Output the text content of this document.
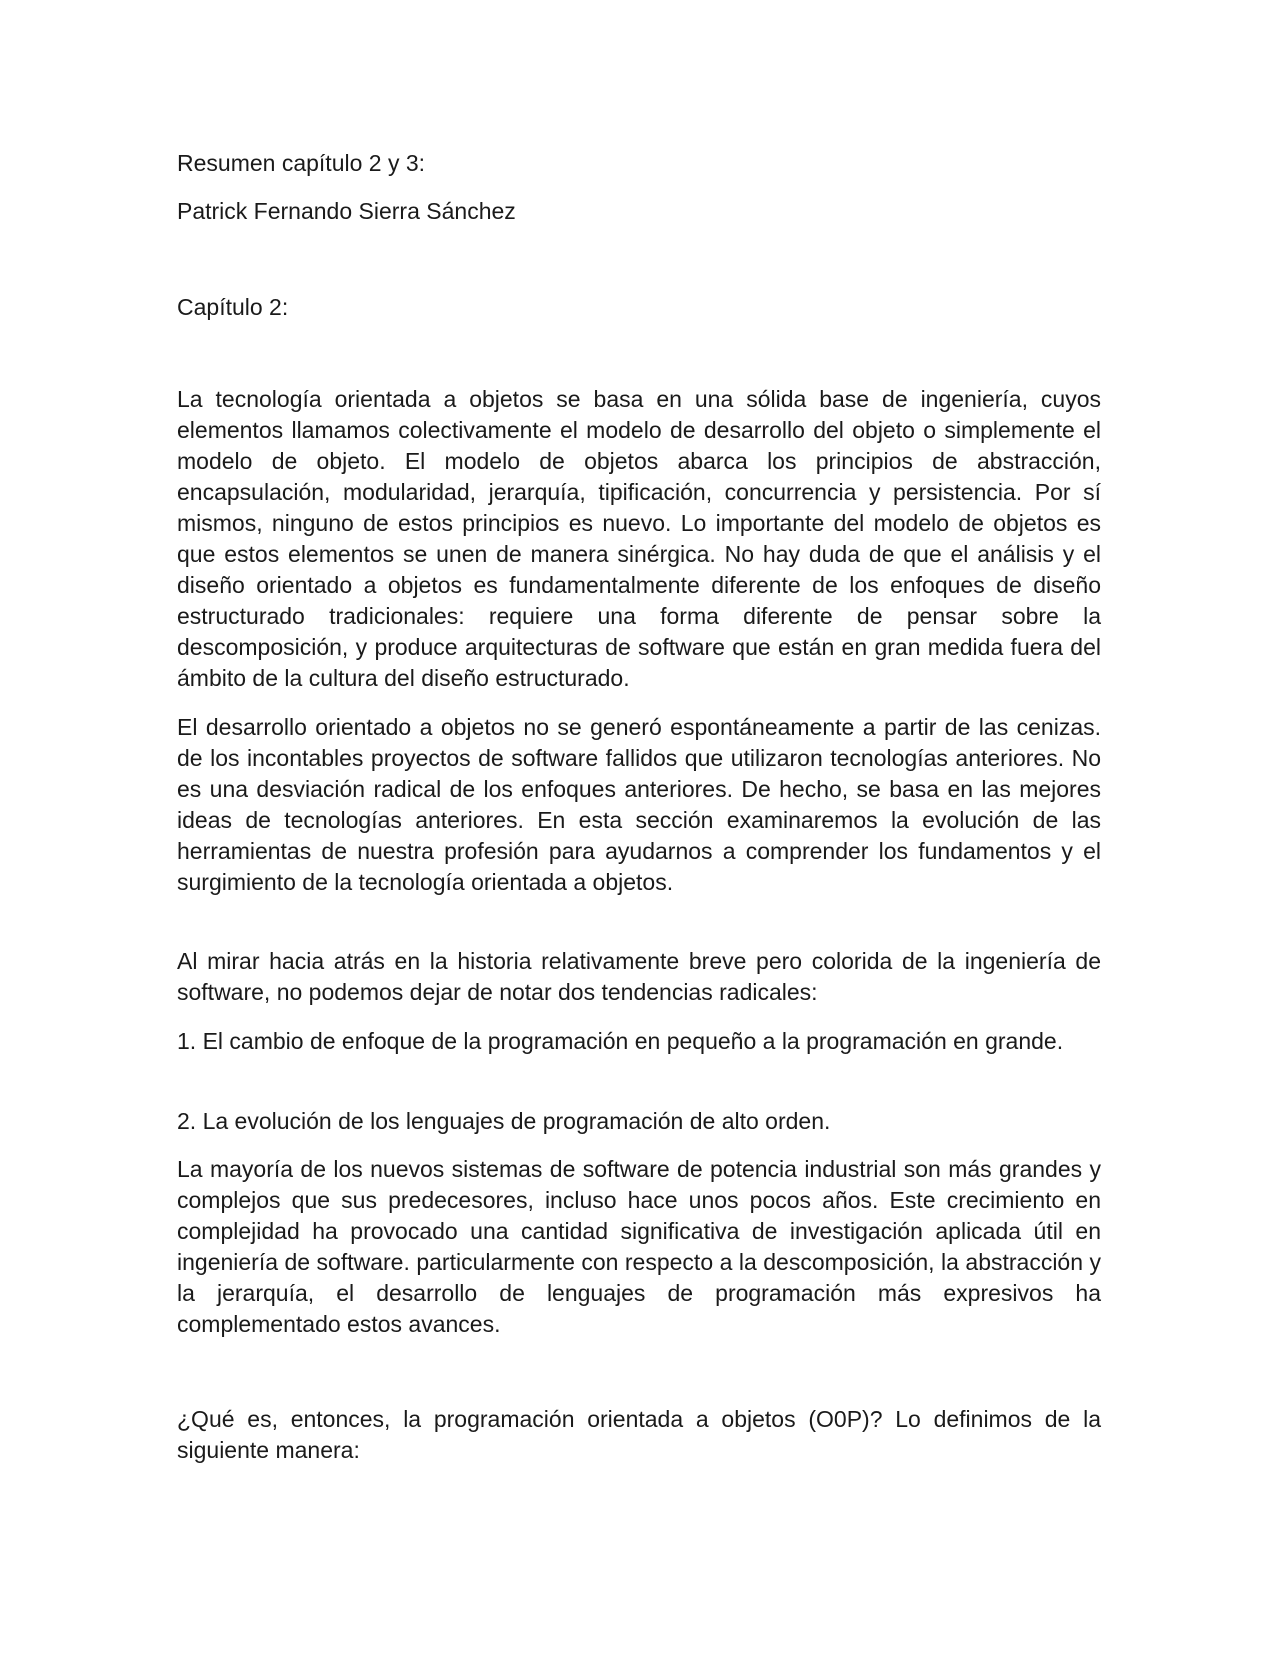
Resumen capítulo 2 y 3:

Patrick Fernando Sierra Sánchez

Capítulo 2:

La tecnología orientada a objetos se basa en una sólida base de ingeniería, cuyos elementos llamamos colectivamente el modelo de desarrollo del objeto o simplemente el modelo de objeto. El modelo de objetos abarca los principios de abstracción, encapsulación, modularidad, jerarquía, tipificación, concurrencia y persistencia. Por sí mismos, ninguno de estos principios es nuevo. Lo importante del modelo de objetos es que estos elementos se unen de manera sinérgica. No hay duda de que el análisis y el diseño orientado a objetos es fundamentalmente diferente de los enfoques de diseño estructurado tradicionales: requiere una forma diferente de pensar sobre la descomposición, y produce arquitecturas de software que están en gran medida fuera del ámbito de la cultura del diseño estructurado.

El desarrollo orientado a objetos no se generó espontáneamente a partir de las cenizas. de los incontables proyectos de software fallidos que utilizaron tecnologías anteriores. No es una desviación radical de los enfoques anteriores. De hecho, se basa en las mejores ideas de tecnologías anteriores. En esta sección examinaremos la evolución de las herramientas de nuestra profesión para ayudarnos a comprender los fundamentos y el surgimiento de la tecnología orientada a objetos.

Al mirar hacia atrás en la historia relativamente breve pero colorida de la ingeniería de software, no podemos dejar de notar dos tendencias radicales:

1. El cambio de enfoque de la programación en pequeño a la programación en grande.

2. La evolución de los lenguajes de programación de alto orden.

La mayoría de los nuevos sistemas de software de potencia industrial son más grandes y complejos que sus predecesores, incluso hace unos pocos años. Este crecimiento en complejidad ha provocado una cantidad significativa de investigación aplicada útil en ingeniería de software. particularmente con respecto a la descomposición, la abstracción y la jerarquía, el desarrollo de lenguajes de programación más expresivos ha complementado estos avances.

¿Qué es, entonces, la programación orientada a objetos (O0P)? Lo definimos de la siguiente manera:
